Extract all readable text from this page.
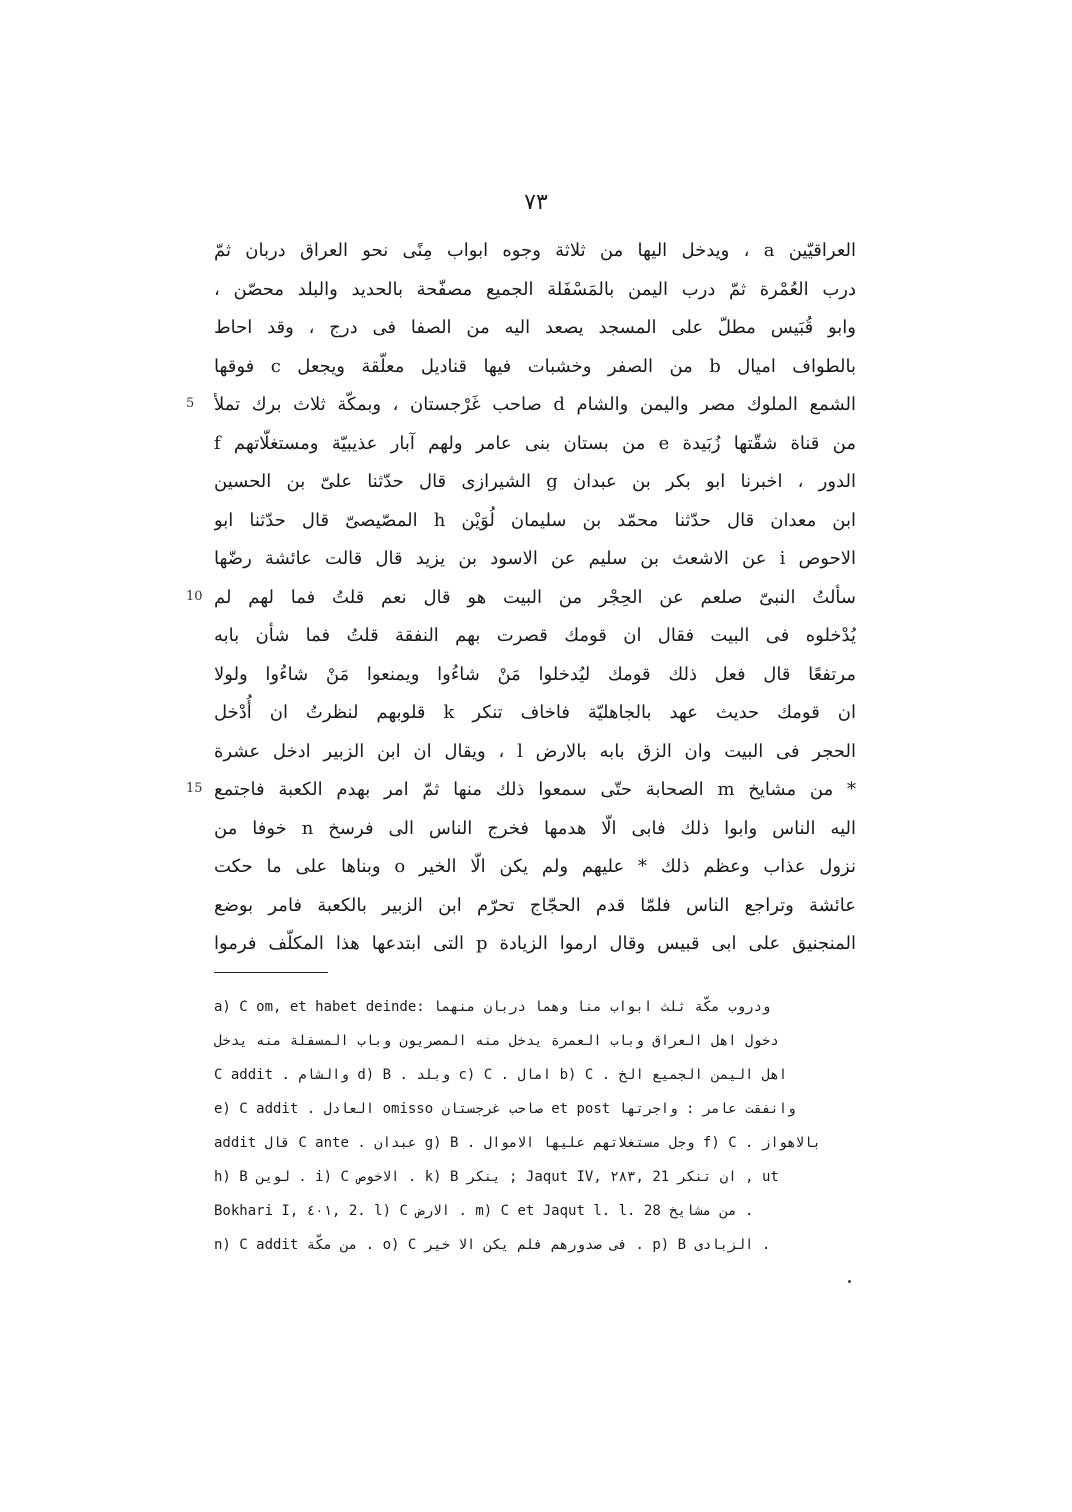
٧٣
العراقيّين a ، ويدخل اليها من ثلاثة وجوه ابواب مِنًى نحو العراق دربان ثمّ
درب العُمْرة ثمّ درب اليمن بالمَسْفَلة الجميع مصفّحة بالحديد والبلد محصّن ،
وابو قُبَيس مطلّ على المسجد يصعد اليه من الصفا فى درج ، وقد احاط
بالطواف اميال b من الصفر وخشبات فيها قناديل معلّقة ويجعل c فوقها
الشمع الملوك مصر واليمن والشام d صاحب غَرْجستان ، وبمكّة ثلاث برك تملأ
5
من قناة شقّتها زُبَيدة e من بستان بنى عامر ولهم آبار عذيبيّة ومستغلّاتهم f
الدور ، اخبرنا ابو بكر بن عبدان g الشيرازى قال حدّثنا علىّ بن الحسين
ابن معدان قال حدّثنا محمّد بن سليمان لُوَيْن h المصّيصىّ قال حدّثنا ابو
الاحوص i عن الاشعث بن سليم عن الاسود بن يزيد قال قالت عائشة رضّها
سألتُ النبىّ صلعم عن الحِجْر من البيت هو قال نعم قلتُ فما لهم لم
10
يُدْخلوه فى البيت فقال ان قومك قصرت بهم النفقة قلتُ فما شأن بابه
مرتفعًا قال فعل ذلك قومك ليُدخلوا مَنْ شاءُوا ويمنعوا مَنْ شاءُوا ولولا
ان قومك حديث عهد بالجاهليّة فاخاف تنكر k قلوبهم لنظرتُ ان أُدْخل
الحجر فى البيت وان الزق بابه بالارض l ، ويقال ان ابن الزبير ادخل عشرة
* من مشايخ m الصحابة حتّى سمعوا ذلك منها ثمّ امر بهدم الكعبة فاجتمع
15
اليه الناس وابوا ذلك فابى الّا هدمها فخرج الناس الى فرسخ n خوفا من
نزول عذاب وعظم ذلك * عليهم ولم يكن الّا الخير o وبناها على ما حكت
عائشة وتراجع الناس فلمّا قدم الحجّاج تحرّم ابن الزبير بالكعبة فامر بوضع
المنجنيق على ابى قبيس وقال ارموا الزيادة p التى ابتدعها هذا المكلّف فرموا
a) C om, et habet deinde: ودروب مكّة ثلث ابواب منا وهما دربان منهما
دخول اهل العراق وباب العمرة يدخل منه المصريون وباب المسفلة منه يدخل
اهل اليمن الجميع الخ . b) C امال . c) C وبلد . d) B والشام . C addit
وانفقت عامر : واجرتها et post صاحب غرجستان omisso العادل . e) C addit
بالاهواز . f) C وجل مستغلاتهم عليها الاموال . g) B عبدان . C ante قال addit
h) B لوين . i) C الاخوص . k) B ينكر ; Jaqut IV, ٢٨٣, 21 ان تنكر , ut
Bokhari I, ٤٠١, 2. l) C الارض . m) C et Jaqut l. l. 28 من مشايخ .
n) C addit من مكّة . o) C فى صدورهم فلم يكن الا خير . p) B الزبادى .
